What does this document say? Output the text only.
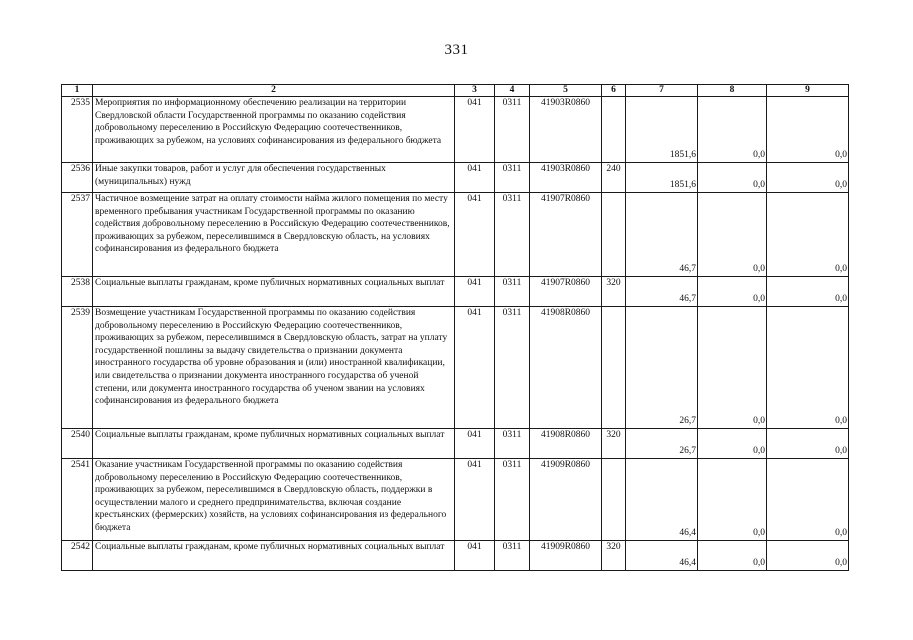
331
1	2	3	4	5	6	7	8	9
2535	Мероприятия по информационному обеспечению реализации на территории Свердловской области Государственной программы по оказанию содействия добровольному переселению в Российскую Федерацию соотечественников, проживающих за рубежом, на условиях софинансирования из федерального бюджета	041	0311	41903R0860		1851,6	0,0	0,0
2536	Иные закупки товаров, работ и услуг для обеспечения государственных (муниципальных) нужд	041	0311	41903R0860	240	1851,6	0,0	0,0
2537	Частичное возмещение затрат на оплату стоимости найма жилого помещения по месту временного пребывания участникам Государственной программы по оказанию содействия добровольному переселению в Российскую Федерацию соотечественников, проживающих за рубежом, переселившимся в Свердловскую область, на условиях софинансирования из федерального бюджета	041	0311	41907R0860		46,7	0,0	0,0
2538	Социальные выплаты гражданам, кроме публичных нормативных социальных выплат	041	0311	41907R0860	320	46,7	0,0	0,0
2539	Возмещение участникам Государственной программы по оказанию содействия добровольному переселению в Российскую Федерацию соотечественников, проживающих за рубежом, переселившимся в Свердловскую область, затрат на уплату государственной пошлины за выдачу свидетельства о признании документа иностранного государства об уровне образования и (или) иностранной квалификации, или свидетельства о признании документа иностранного государства об ученой степени, или документа иностранного государства об ученом звании на условиях софинансирования из федерального бюджета	041	0311	41908R0860		26,7	0,0	0,0
2540	Социальные выплаты гражданам, кроме публичных нормативных социальных выплат	041	0311	41908R0860	320	26,7	0,0	0,0
2541	Оказание участникам Государственной программы по оказанию содействия добровольному переселению в Российскую Федерацию соотечественников, проживающих за рубежом, переселившимся в Свердловскую область, поддержки в осуществлении малого и среднего предпринимательства, включая создание крестьянских (фермерских) хозяйств, на условиях софинансирования из федерального бюджета	041	0311	41909R0860		46,4	0,0	0,0
2542	Социальные выплаты гражданам, кроме публичных нормативных социальных выплат	041	0311	41909R0860	320	46,4	0,0	0,0
